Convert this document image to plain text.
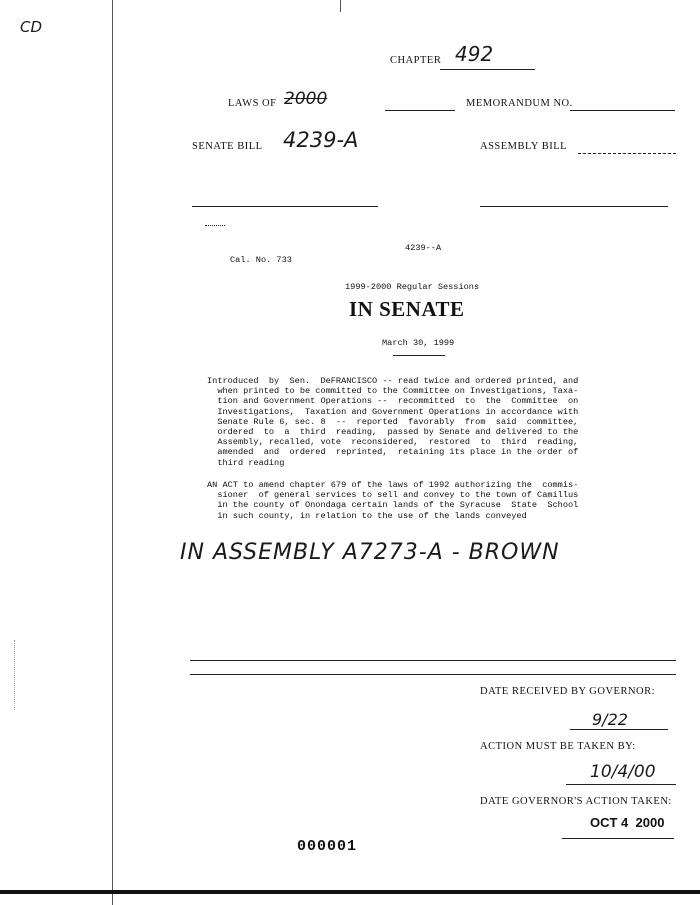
CD
CHAPTER 492
LAWS OF 2000	MEMORANDUM NO.
SENATE BILL 4239-A	ASSEMBLY BILL
4239--A
Cal. No. 733
1999-2000 Regular Sessions
IN SENATE
March 30, 1999
Introduced  by  Sen.  DeFRANCISCO -- read twice and ordered printed, and
when printed to be committed to the Committee on Investigations, Taxa-
tion and Government Operations --  recommitted  to  the  Committee  on
Investigations,  Taxation and Government Operations in accordance with
Senate Rule 6, sec. 8  --  reported  favorably  from  said  committee,
ordered  to  a  third  reading,  passed by Senate and delivered to the
Assembly, recalled, vote  reconsidered,  restored  to  third  reading,
amended  and  ordered  reprinted,  retaining its place in the order of
third reading
AN ACT to amend chapter 679 of the laws of 1992 authorizing the  commis-
sioner  of general services to sell and convey to the town of Camillus
in the county of Onondaga certain lands of the Syracuse  State  School
in such county, in relation to the use of the lands conveyed
IN ASSEMBLY A7273-A - BROWN
DATE RECEIVED BY GOVERNOR:
9/22
ACTION MUST BE TAKEN BY:
10/4/00
DATE GOVERNOR'S ACTION TAKEN:
OCT 4  2000
000001
